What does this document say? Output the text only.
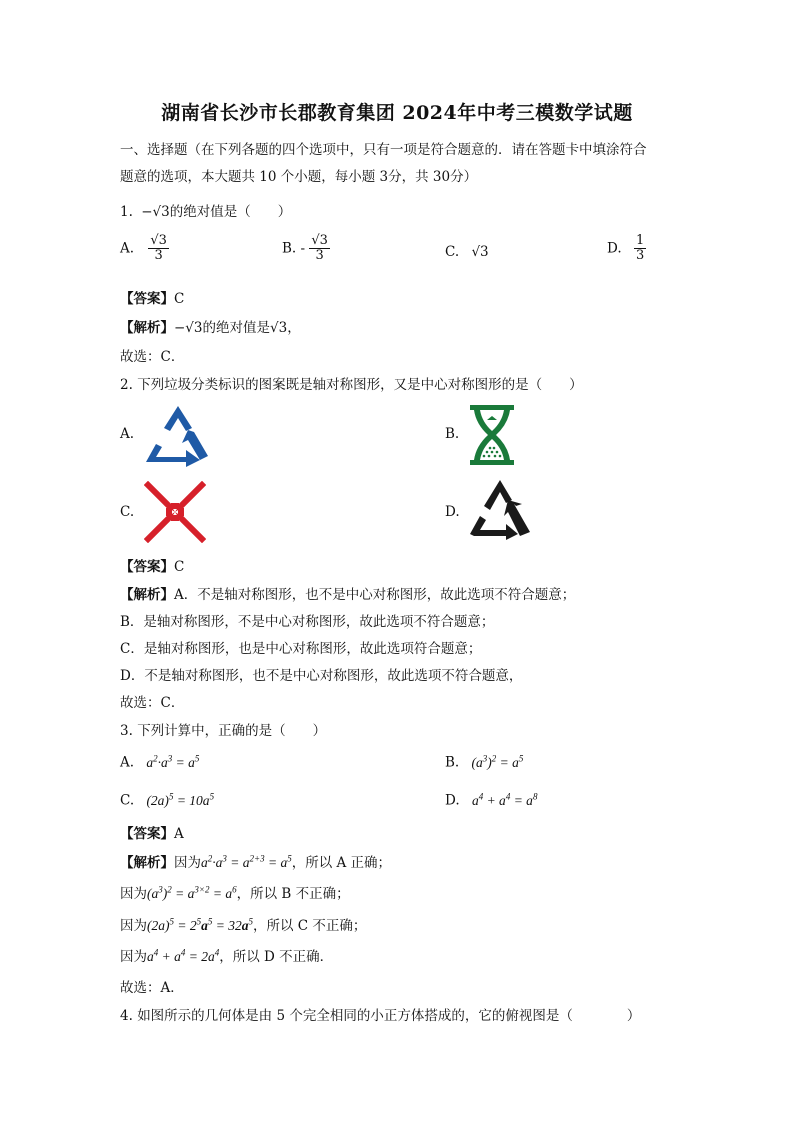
湖南省长沙市长郡教育集团 2024年中考三模数学试题
一、选择题（在下列各题的四个选项中，只有一项是符合题意的．请在答题卡中填涂符合
题意的选项，本大题共 10 个小题，每小题 3分，共 30分）
1. −√3的绝对值是（　　）
A. $\frac{√3}{3}$	B. - $\frac{√3}{3}$	C. √3	D. $\frac{1}{3}$
【答案】C
【解析】−√3的绝对值是√3，
故选：C．
2. 下列垃圾分类标识的图案既是轴对称图形，又是中心对称图形的是（　　）
A.	B.
C.	D.
【答案】C
【解析】A．不是轴对称图形，也不是中心对称图形，故此选项不符合题意；
B．是轴对称图形，不是中心对称图形，故此选项不符合题意；
C．是轴对称图形，也是中心对称图形，故此选项符合题意；
D．不是轴对称图形，也不是中心对称图形，故此选项不符合题意，
故选：C．
3. 下列计算中，正确的是（　　）
A. $a^2\cdot a^3 = a^5$	B. $(a^3)^2 = a^5$
C. $(2a)^5 = 10a^5$	D. $a^4 + a^4 = a^8$
【答案】A
【解析】因为$a^2\cdot a^3 = a^{2+3} = a^5$，所以 A 正确；
因为$(a^3)^2 = a^{3\times 2} = a^6$，所以 B 不正确；
因为$(2a)^5 = 2^5a^5 = 32a^5$，所以 C 不正确；
因为$a^4 + a^4 = 2a^4$，所以 D 不正确．
故选：A．
4. 如图所示的几何体是由 5 个完全相同的小正方体搭成的，它的俯视图是（　　　　）
